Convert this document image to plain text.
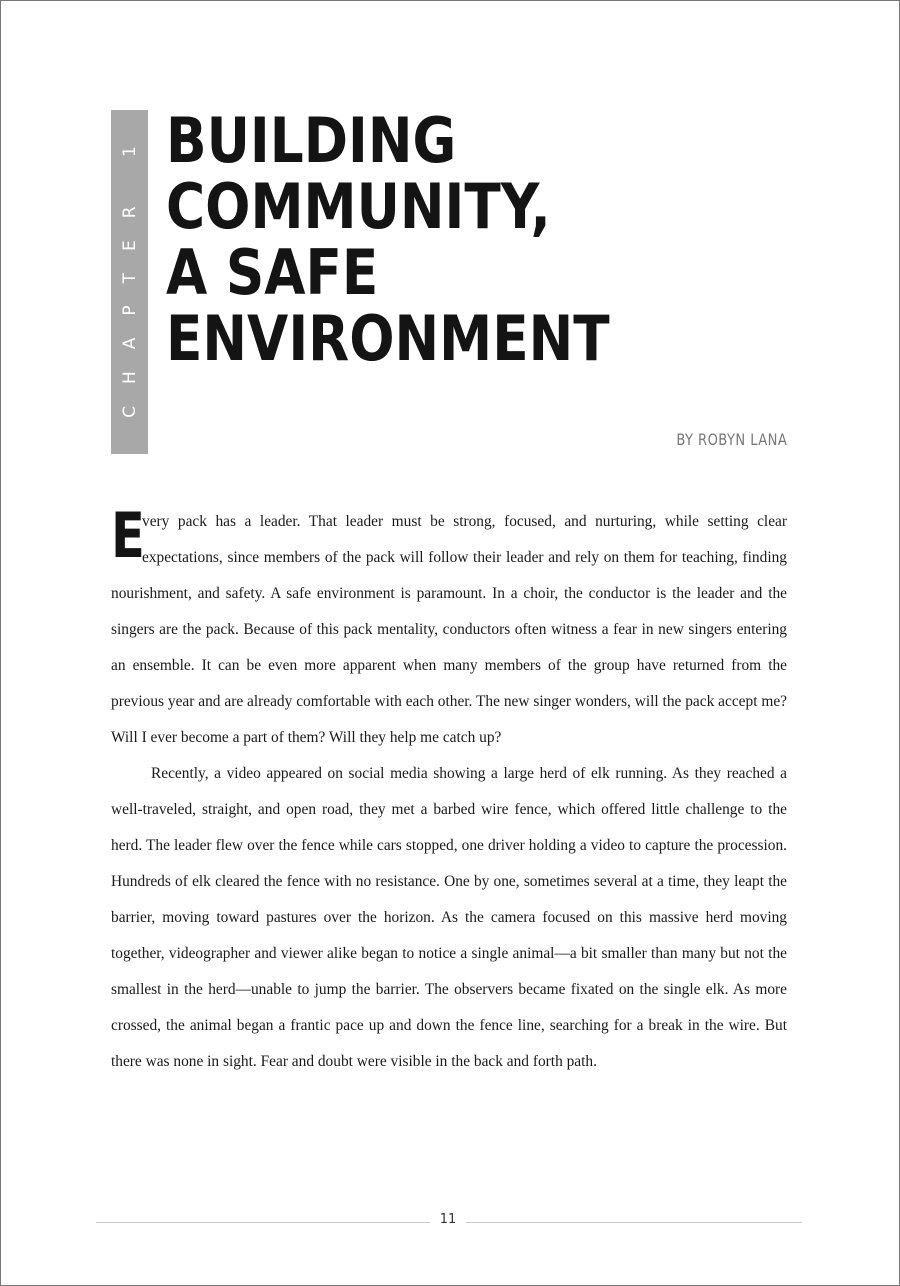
CHAPTER 1 BUILDING COMMUNITY,
A SAFE ENVIRONMENT
BY ROBYN LANA

E
very pack has a leader. That leader must be strong, focused, and nurturing, while setting clear expectations, since members of the pack will follow their leader and rely on them for teaching, finding nourishment, and safety. A safe environment is paramount. In a choir, the conductor is the leader and the singers are the pack. Because of this pack mentality, conductors often witness a fear in new singers entering an ensemble. It can be even more apparent when many members of the group have returned from the previous year and are already comfortable with each other. The new singer wonders, will the pack accept me? Will I ever become a part of them? Will they help me catch up?

Recently, a video appeared on social media showing a large herd of elk running. As they reached a well-traveled, straight, and open road, they met a barbed wire fence, which offered little challenge to the herd. The leader flew over the fence while cars stopped, one driver holding a video to capture the procession. Hundreds of elk cleared the fence with no resistance. One by one, sometimes several at a time, they leapt the barrier, moving toward pastures over the horizon. As the camera focused on this massive herd moving together, videographer and viewer alike began to notice a single animal—a bit smaller than many but not the smallest in the herd—unable to jump the barrier. The observers became fixated on the single elk. As more crossed, the animal began a frantic pace up and down the fence line, searching for a break in the wire. But there was none in sight. Fear and doubt were visible in the back and forth path.

11
